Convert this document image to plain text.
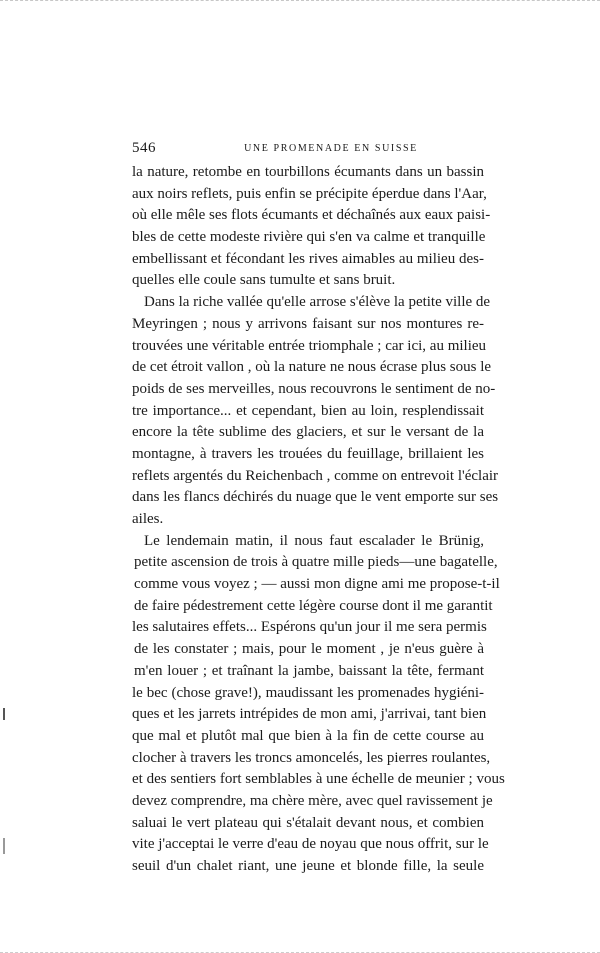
546	UNE PROMENADE EN SUISSE
la nature, retombe en tourbillons écumants dans un bassin
aux noirs reflets, puis enfin se précipite éperdue dans l'Aar,
où elle mêle ses flots écumants et déchaînés aux eaux paisi-
bles de cette modeste rivière qui s'en va calme et tranquille
embellissant et fécondant les rives aimables au milieu des-
quelles elle coule sans tumulte et sans bruit.
Dans la riche vallée qu'elle arrose s'élève la petite ville de
Meyringen ; nous y arrivons faisant sur nos montures re-
trouvées une véritable entrée triomphale ; car ici, au milieu
de cet étroit vallon , où la nature ne nous écrase plus sous le
poids de ses merveilles, nous recouvrons le sentiment de no-
tre importance... et cependant, bien au loin, resplendissait
encore la tête sublime des glaciers, et sur le versant de la
montagne, à travers les trouées du feuillage, brillaient les
reflets argentés du Reichenbach , comme on entrevoit l'éclair
dans les flancs déchirés du nuage que le vent emporte sur ses
ailes.
Le lendemain matin, il nous faut escalader le Brünig,
petite ascension de trois à quatre mille pieds—une bagatelle,
comme vous voyez ; — aussi mon digne ami me propose-t-il
de faire pédestrement cette légère course dont il me garantit
les salutaires effets... Espérons qu'un jour il me sera permis
de les constater ; mais, pour le moment , je n'eus guère à
m'en louer ; et traînant la jambe, baissant la tête, fermant
le bec (chose grave!), maudissant les promenades hygiéni-
ques et les jarrets intrépides de mon ami, j'arrivai, tant bien
que mal et plutôt mal que bien à la fin de cette course au
clocher à travers les troncs amoncelés, les pierres roulantes,
et des sentiers fort semblables à une échelle de meunier ; vous
devez comprendre, ma chère mère, avec quel ravissement je
saluai le vert plateau qui s'étalait devant nous, et combien
vite j'acceptai le verre d'eau de noyau que nous offrit, sur le
seuil d'un chalet riant, une jeune et blonde fille, la seule
